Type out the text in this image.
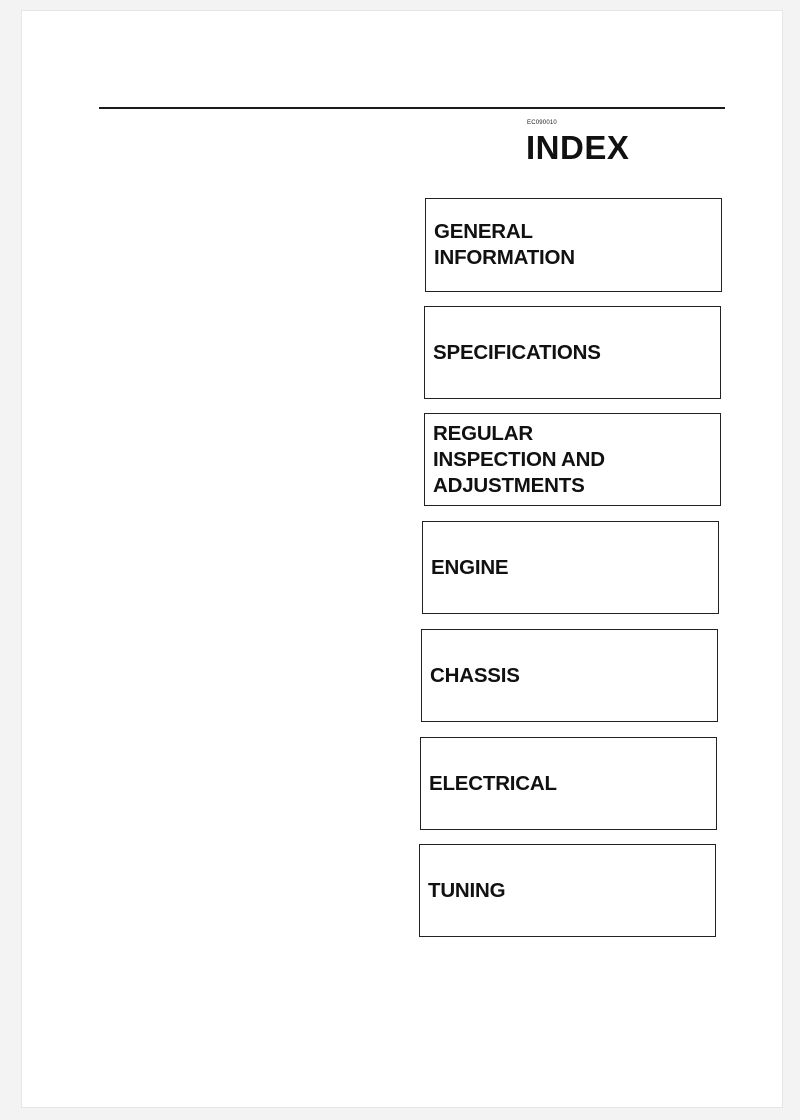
EC090010
INDEX
GENERAL
INFORMATION
SPECIFICATIONS
REGULAR
INSPECTION AND
ADJUSTMENTS
ENGINE
CHASSIS
ELECTRICAL
TUNING
